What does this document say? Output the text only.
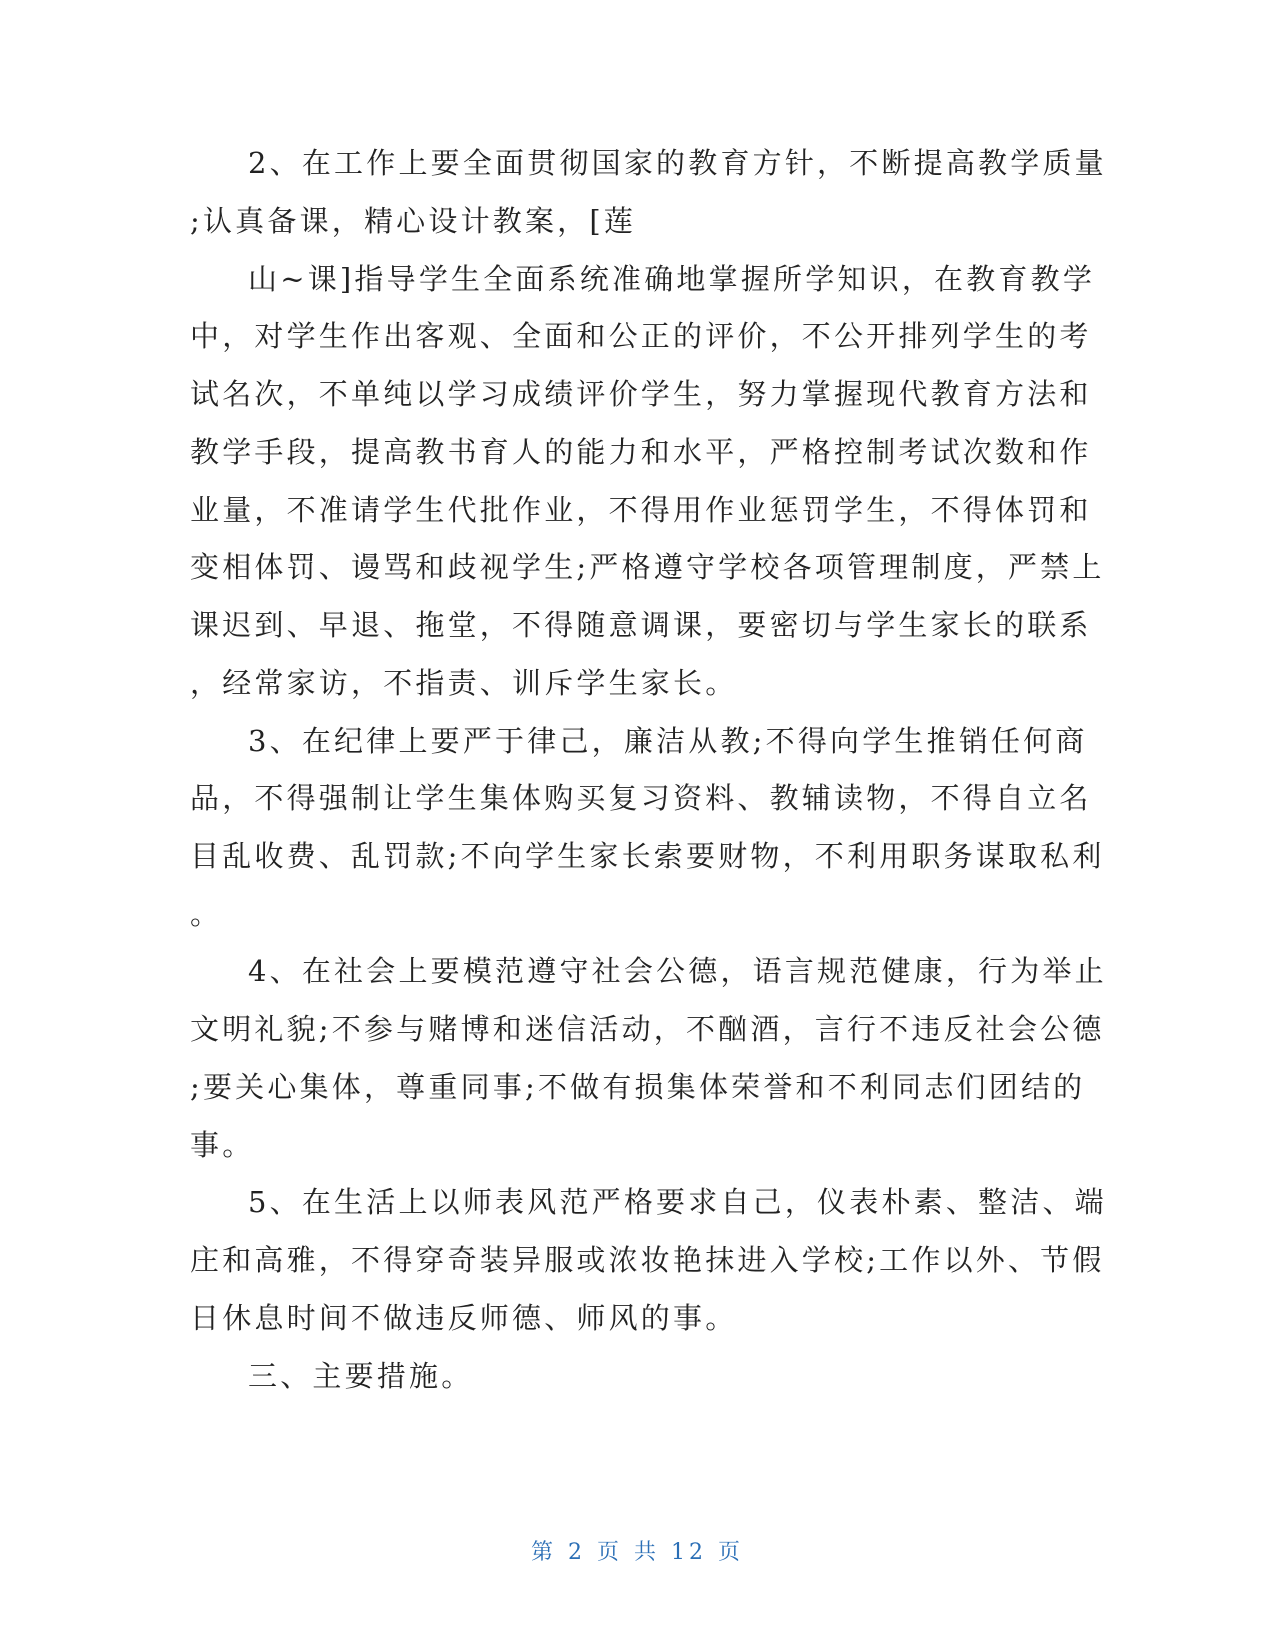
2、在工作上要全面贯彻国家的教育方针，不断提高教学质量
;认真备课，精心设计教案，[莲
山~课]指导学生全面系统准确地掌握所学知识，在教育教学
中，对学生作出客观、全面和公正的评价，不公开排列学生的考
试名次，不单纯以学习成绩评价学生，努力掌握现代教育方法和
教学手段，提高教书育人的能力和水平，严格控制考试次数和作
业量，不准请学生代批作业，不得用作业惩罚学生，不得体罚和
变相体罚、谩骂和歧视学生;严格遵守学校各项管理制度，严禁上
课迟到、早退、拖堂，不得随意调课，要密切与学生家长的联系
，经常家访，不指责、训斥学生家长。
3、在纪律上要严于律己，廉洁从教;不得向学生推销任何商
品，不得强制让学生集体购买复习资料、教辅读物，不得自立名
目乱收费、乱罚款;不向学生家长索要财物，不利用职务谋取私利
。
4、在社会上要模范遵守社会公德，语言规范健康，行为举止
文明礼貌;不参与赌博和迷信活动，不酗酒，言行不违反社会公德
;要关心集体，尊重同事;不做有损集体荣誉和不利同志们团结的
事。
5、在生活上以师表风范严格要求自己，仪表朴素、整洁、端
庄和高雅，不得穿奇装异服或浓妆艳抹进入学校;工作以外、节假
日休息时间不做违反师德、师风的事。
三、主要措施。
第 2 页 共 12 页
